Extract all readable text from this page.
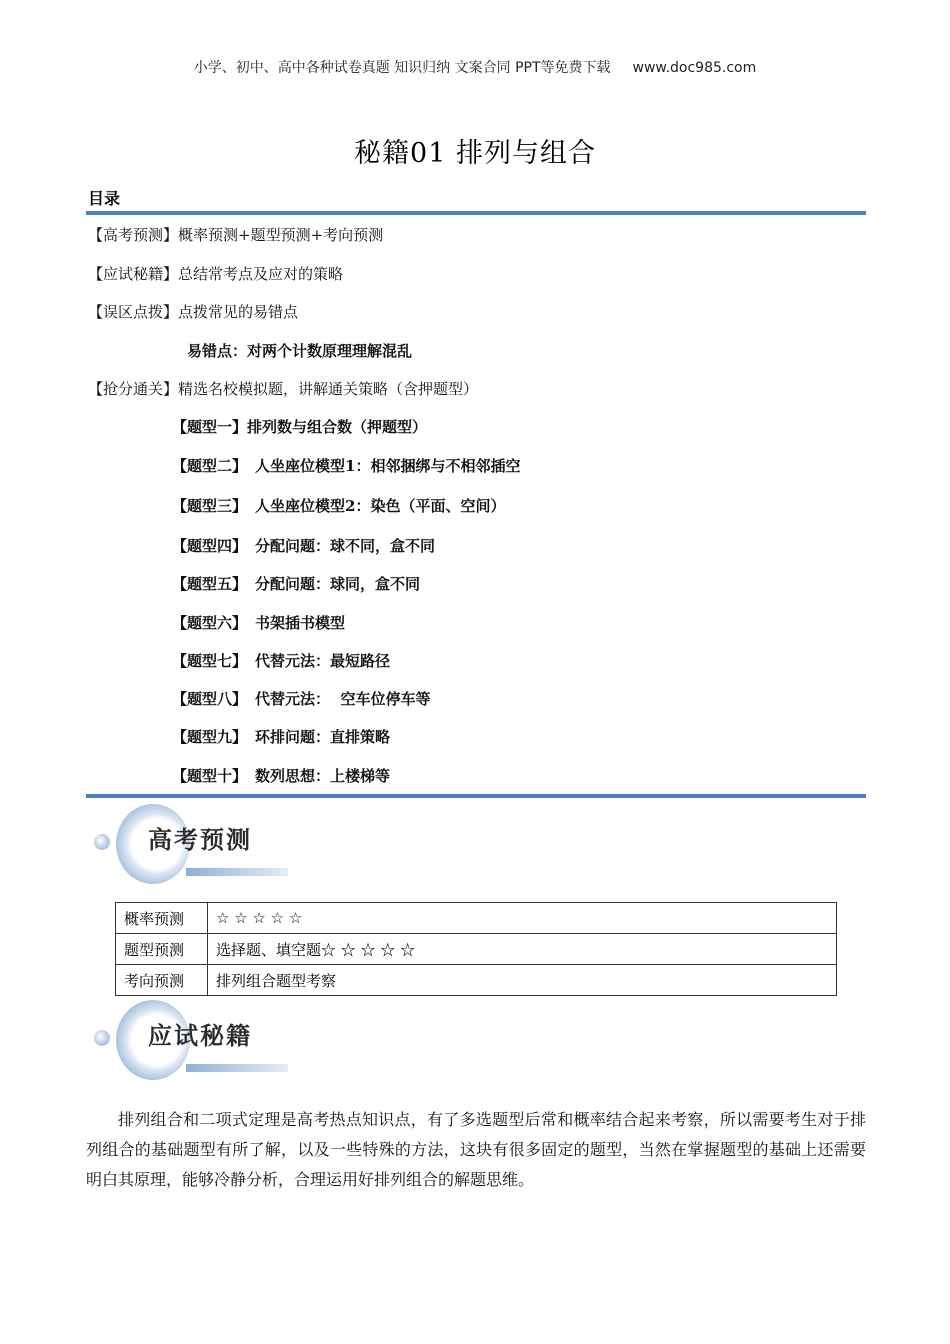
小学、初中、高中各种试卷真题 知识归纳 文案合同 PPT等免费下载 www.doc985.com
秘籍01 排列与组合
目录
【高考预测】概率预测+题型预测+考向预测
【应试秘籍】总结常考点及应对的策略
【误区点拨】点拨常见的易错点
易错点：对两个计数原理理解混乱
【抢分通关】精选名校模拟题，讲解通关策略（含押题型）
【题型一】排列数与组合数（押题型）
【题型二】 人坐座位模型1：相邻捆绑与不相邻插空
【题型三】 人坐座位模型2：染色（平面、空间）
【题型四】 分配问题：球不同，盒不同
【题型五】 分配问题：球同，盒不同
【题型六】 书架插书模型
【题型七】 代替元法：最短路径
【题型八】 代替元法：  空车位停车等
【题型九】 环排问题：直排策略
【题型十】 数列思想：上楼梯等
高考预测
概率预测	☆ ☆ ☆ ☆ ☆
题型预测	选择题、填空题☆ ☆ ☆ ☆ ☆
考向预测	排列组合题型考察
应试秘籍
排列组合和二项式定理是高考热点知识点，有了多选题型后常和概率结合起来考察，所以需要考生对于排列组合的基础题型有所了解，以及一些特殊的方法，这块有很多固定的题型，当然在掌握题型的基础上还需要明白其原理，能够冷静分析，合理运用好排列组合的解题思维。
